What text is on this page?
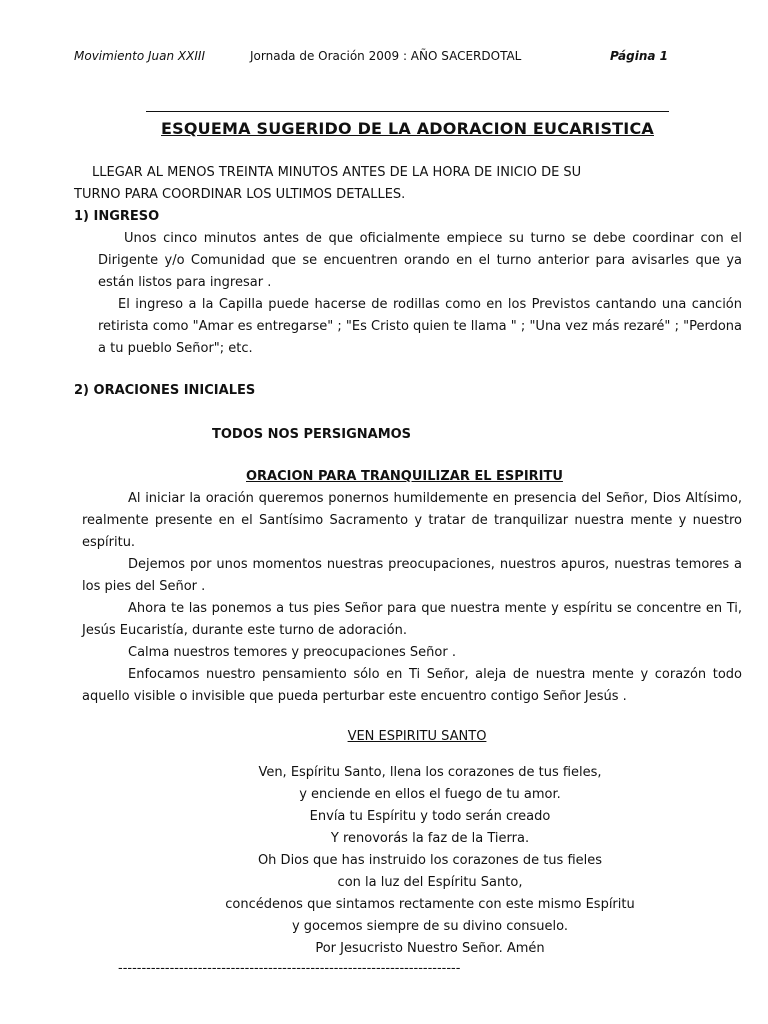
Movimiento Juan XXIII	Jornada de Oración 2009 : AÑO SACERDOTAL	Página 1
ESQUEMA SUGERIDO DE LA ADORACION EUCARISTICA
LLEGAR AL MENOS TREINTA MINUTOS ANTES DE LA HORA DE INICIO DE SU
TURNO PARA COORDINAR LOS ULTIMOS DETALLES.
1) INGRESO
Unos cinco minutos antes de que oficialmente empiece su turno se debe coordinar con el Dirigente y/o Comunidad que se encuentren orando en el turno anterior para avisarles que ya están listos para ingresar .
El ingreso a la Capilla puede hacerse de rodillas como en los Previstos cantando una canción retirista como "Amar es entregarse" ; "Es Cristo quien te llama " ; "Una vez más rezaré" ; "Perdona a tu pueblo Señor"; etc.
2) ORACIONES INICIALES
TODOS NOS PERSIGNAMOS
ORACION PARA TRANQUILIZAR EL ESPIRITU

Al iniciar la oración queremos ponernos humildemente en presencia del Señor, Dios Altísimo, realmente presente en el Santísimo Sacramento y tratar de tranquilizar nuestra mente y nuestro espíritu.

Dejemos por unos momentos nuestras preocupaciones, nuestros apuros, nuestras temores a los pies del Señor .

Ahora te las ponemos a tus pies Señor para que nuestra mente y espíritu se concentre en Ti, Jesús Eucaristía, durante este turno de adoración.

Calma nuestros temores y preocupaciones Señor .

Enfocamos nuestro pensamiento sólo en Ti Señor, aleja de nuestra mente y corazón todo aquello visible o invisible que pueda perturbar este encuentro contigo Señor Jesús .

VEN ESPIRITU SANTO

Ven, Espíritu Santo, llena los corazones de tus fieles,

y enciende en ellos el fuego de tu amor.

Envía tu Espíritu y todo serán creado

Y renovorás la faz de la Tierra.

Oh Dios que has instruido los corazones de tus fieles

con la luz del Espíritu Santo,

concédenos que sintamos rectamente con este mismo Espíritu

y gocemos siempre de su divino consuelo.

Por Jesucristo Nuestro Señor. Amén

-------------------------------------------------------------------------
